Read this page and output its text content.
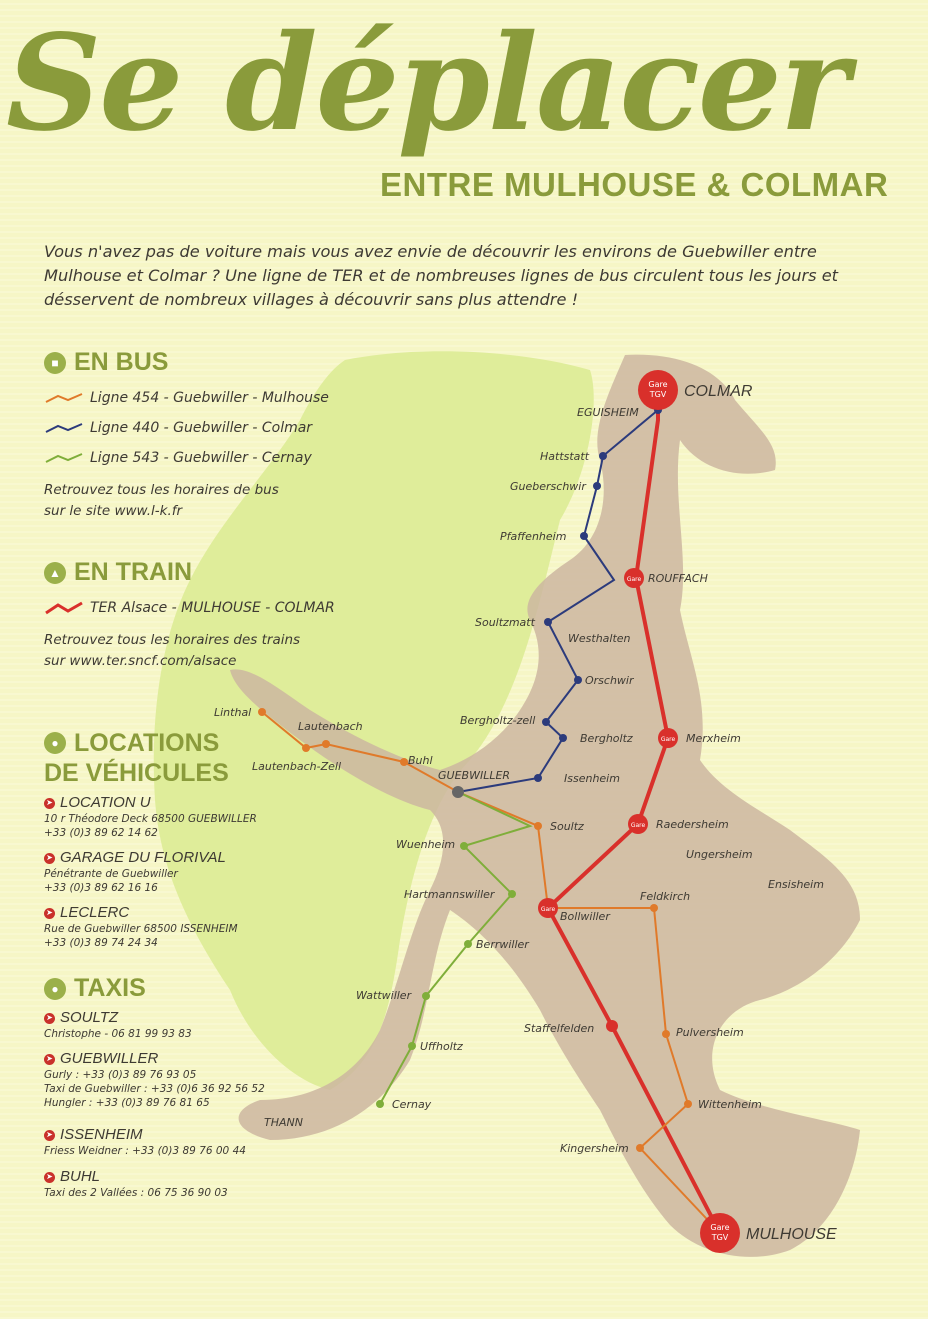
Gare
TGV
Gare
Gare
Gare
Gare
Gare
TGV
COLMAR
MULHOUSE
EGUISHEIM
Hattstatt
Gueberschwir
Pfaffenheim
ROUFFACH
Soultzmatt
Westhalten
Orschwir
Bergholtz-zell
Bergholtz	Merxheim
GUEBWILLER	Issenheim
Linthal
Lautenbach
Lautenbach-Zell	Buhl
Soultz	Raedersheim
Ungersheim
Ensisheim
Wuenheim
Hartmannswiller	Feldkirch
Bollwiller
Berrwiller
Wattwiller
Staffelfelden	Pulversheim
Uffholtz
Wittenheim
Cernay
THANN
Kingersheim
Se déplacer
ENTRE MULHOUSE & COLMAR
Vous n'avez pas de voiture mais vous avez envie de découvrir les environs de Guebwiller entre Mulhouse et Colmar ? Une ligne de TER et de nombreuses lignes de bus circulent tous les jours et désservent de nombreux villages à découvrir sans plus attendre !
■ EN BUS
Ligne 454 - Guebwiller - Mulhouse
Ligne 440 - Guebwiller - Colmar
Ligne 543 - Guebwiller - Cernay
Retrouvez tous les horaires de bus
sur le site www.l-k.fr
▲ EN TRAIN
TER Alsace - MULHOUSE - COLMAR
Retrouvez tous les horaires des trains
sur www.ter.sncf.com/alsace
● LOCATIONS
DE VÉHICULES
➤ LOCATION U
10 r Théodore Deck 68500 GUEBWILLER
+33 (0)3 89 62 14 62
➤ GARAGE DU FLORIVAL
Pénétrante de Guebwiller
+33 (0)3 89 62 16 16
➤ LECLERC
Rue de Guebwiller 68500 ISSENHEIM
+33 (0)3 89 74 24 34
● TAXIS
➤ SOULTZ
Christophe - 06 81 99 93 83
➤ GUEBWILLER
Gurly : +33 (0)3 89 76 93 05
Taxi de Guebwiller : +33 (0)6 36 92 56 52
Hungler : +33 (0)3 89 76 81 65
➤ ISSENHEIM
Friess Weidner : +33 (0)3 89 76 00 44
➤ BUHL
Taxi des 2 Vallées : 06 75 36 90 03
